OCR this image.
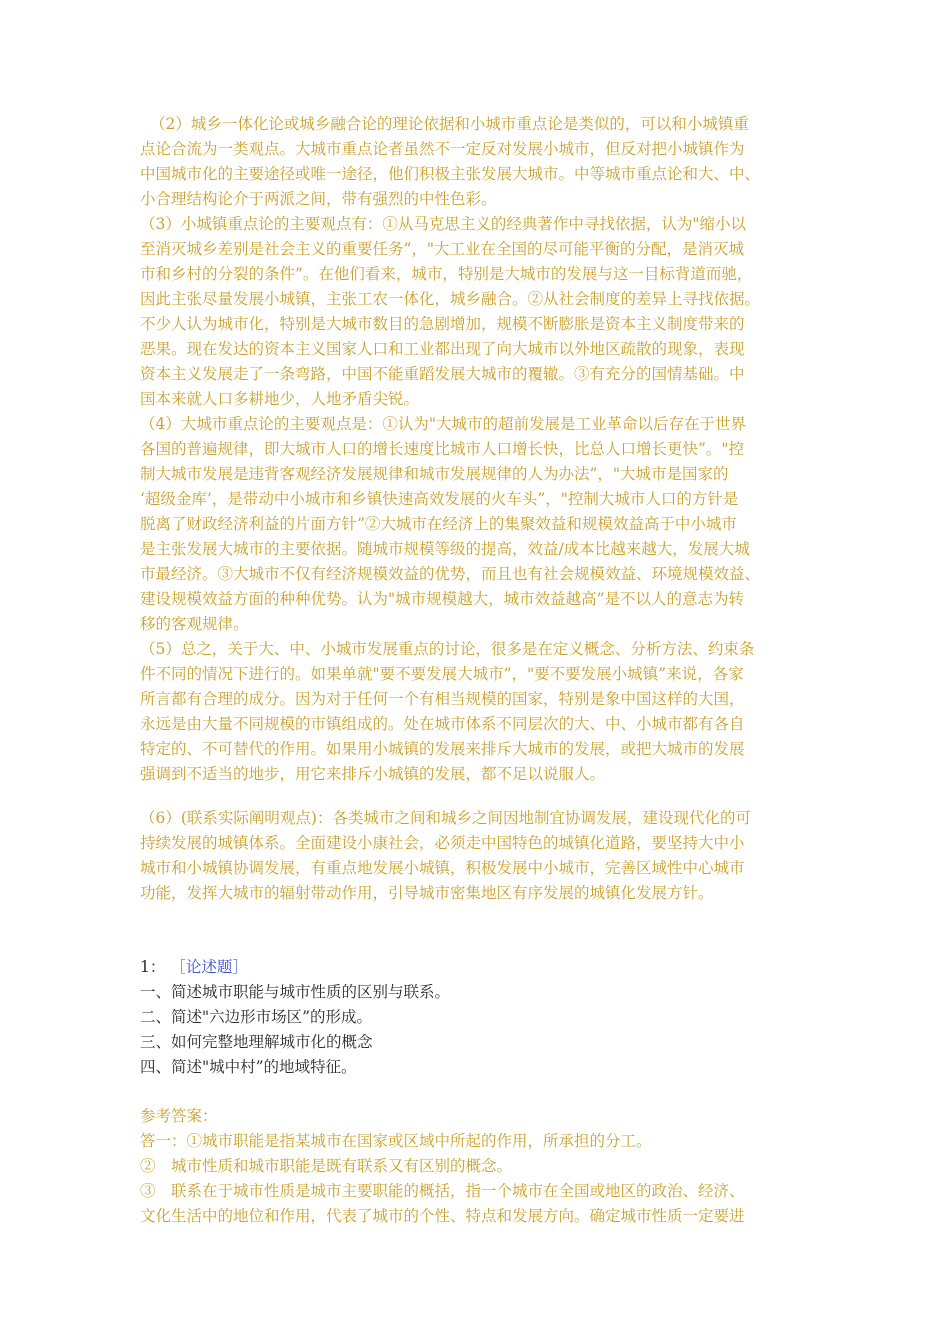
（2）城乡一体化论或城乡融合论的理论依据和小城市重点论是类似的，可以和小城镇重
点论合流为一类观点。大城市重点论者虽然不一定反对发展小城市，但反对把小城镇作为
中国城市化的主要途径或唯一途径，他们积极主张发展大城市。中等城市重点论和大、中、
小合理结构论介于两派之间，带有强烈的中性色彩。
（3）小城镇重点论的主要观点有：①从马克思主义的经典著作中寻找依据，认为"缩小以
至消灭城乡差别是社会主义的重要任务”，"大工业在全国的尽可能平衡的分配，是消灭城
市和乡村的分裂的条件”。在他们看来，城市，特别是大城市的发展与这一目标背道而驰，
因此主张尽量发展小城镇，主张工农一体化，城乡融合。②从社会制度的差异上寻找依据。
不少人认为城市化，特别是大城市数目的急剧增加，规模不断膨胀是资本主义制度带来的
恶果。现在发达的资本主义国家人口和工业都出现了向大城市以外地区疏散的现象，表现
资本主义发展走了一条弯路，中国不能重蹈发展大城市的覆辙。③有充分的国情基础。中
国本来就人口多耕地少，人地矛盾尖锐。
（4）大城市重点论的主要观点是：①认为"大城市的超前发展是工业革命以后存在于世界
各国的普遍规律，即大城市人口的增长速度比城市人口增长快，比总人口增长更快”。"控
制大城市发展是违背客观经济发展规律和城市发展规律的人为办法”，"大城市是国家的
‘超级金库’，是带动中小城市和乡镇快速高效发展的火车头”，"控制大城市人口的方针是
脱离了财政经济利益的片面方针”②大城市在经济上的集聚效益和规模效益高于中小城市
是主张发展大城市的主要依据。随城市规模等级的提高，效益/成本比越来越大，发展大城
市最经济。③大城市不仅有经济规模效益的优势，而且也有社会规模效益、环境规模效益、
建设规模效益方面的种种优势。认为"城市规模越大，城市效益越高”是不以人的意志为转
移的客观规律。
（5）总之，关于大、中、小城市发展重点的讨论，很多是在定义概念、分析方法、约束条
件不同的情况下进行的。如果单就"要不要发展大城市”，"要不要发展小城镇”来说，各家
所言都有合理的成分。因为对于任何一个有相当规模的国家，特别是象中国这样的大国，
永远是由大量不同规模的市镇组成的。处在城市体系不同层次的大、中、小城市都有各自
特定的、不可替代的作用。如果用小城镇的发展来排斥大城市的发展，或把大城市的发展
强调到不适当的地步，用它来排斥小城镇的发展，都不足以说服人。
（6）(联系实际阐明观点)：各类城市之间和城乡之间因地制宜协调发展，建设现代化的可
持续发展的城镇体系。全面建设小康社会，必须走中国特色的城镇化道路，要坚持大中小
城市和小城镇协调发展，有重点地发展小城镇，积极发展中小城市，完善区域性中心城市
功能，发挥大城市的辐射带动作用，引导城市密集地区有序发展的城镇化发展方针。
1： ［论述题］
一、简述城市职能与城市性质的区别与联系。
二、简述"六边形市场区”的形成。
三、如何完整地理解城市化的概念
四、简述"城中村”的地域特征。
参考答案：
答一：①城市职能是指某城市在国家或区域中所起的作用，所承担的分工。
②　城市性质和城市职能是既有联系又有区别的概念。
③　联系在于城市性质是城市主要职能的概括，指一个城市在全国或地区的政治、经济、
文化生活中的地位和作用，代表了城市的个性、特点和发展方向。确定城市性质一定要进
